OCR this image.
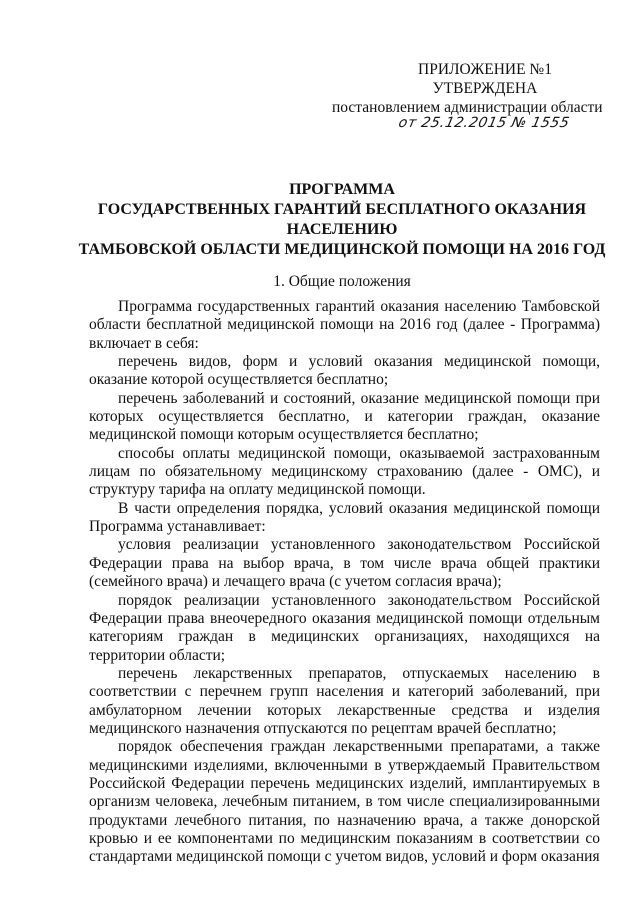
ПРИЛОЖЕНИЕ №1
УТВЕРЖДЕНА
постановлением администрации области
от 25.12.2015 № 1555
ПРОГРАММА
ГОСУДАРСТВЕННЫХ ГАРАНТИЙ БЕСПЛАТНОГО ОКАЗАНИЯ
НАСЕЛЕНИЮ
ТАМБОВСКОЙ ОБЛАСТИ МЕДИЦИНСКОЙ ПОМОЩИ НА 2016 ГОД
1. Общие положения

Программа государственных гарантий оказания населению Тамбовской области бесплатной медицинской помощи на 2016 год (далее - Программа) включает в себя:

перечень видов, форм и условий оказания медицинской помощи, оказание которой осуществляется бесплатно;

перечень заболеваний и состояний, оказание медицинской помощи при которых осуществляется бесплатно, и категории граждан, оказание медицинской помощи которым осуществляется бесплатно;

способы оплаты медицинской помощи, оказываемой застрахованным лицам по обязательному медицинскому страхованию (далее - ОМС), и структуру тарифа на оплату медицинской помощи.

В части определения порядка, условий оказания медицинской помощи Программа устанавливает:

условия реализации установленного законодательством Российской Федерации права на выбор врача, в том числе врача общей практики (семейного врача) и лечащего врача (с учетом согласия врача);

порядок реализации установленного законодательством Российской Федерации права внеочередного оказания медицинской помощи отдельным категориям граждан в медицинских организациях, находящихся на территории области;

перечень лекарственных препаратов, отпускаемых населению в соответствии с перечнем групп населения и категорий заболеваний, при амбулаторном лечении которых лекарственные средства и изделия медицинского назначения отпускаются по рецептам врачей бесплатно;

порядок обеспечения граждан лекарственными препаратами, а также медицинскими изделиями, включенными в утверждаемый Правительством Российской Федерации перечень медицинских изделий, имплантируемых в организм человека, лечебным питанием, в том числе специализированными продуктами лечебного питания, по назначению врача, а также донорской кровью и ее компонентами по медицинским показаниям в соответствии со стандартами медицинской помощи с учетом видов, условий и форм оказания
